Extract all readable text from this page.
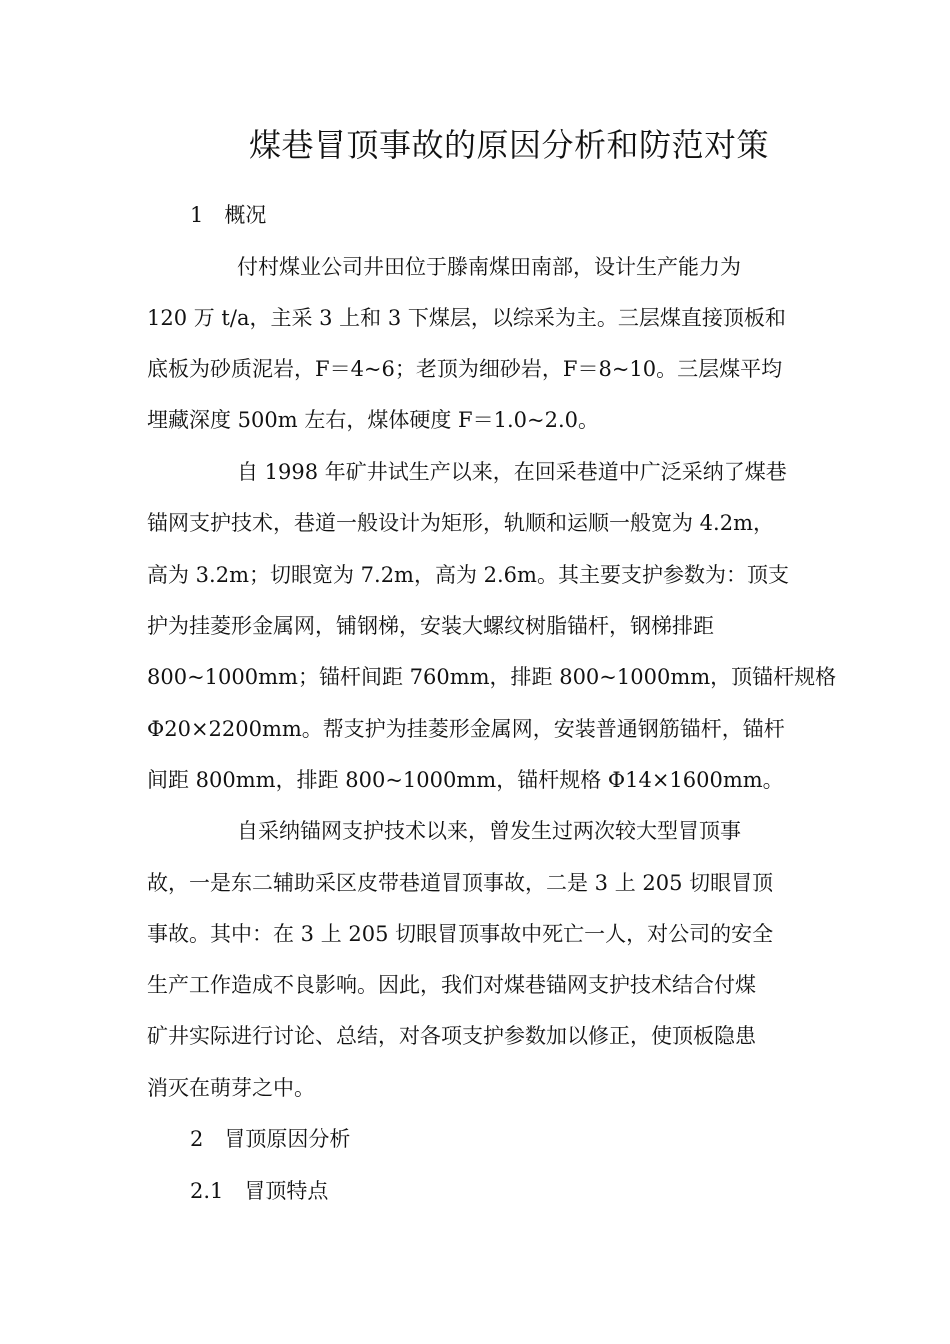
煤巷冒顶事故的原因分析和防范对策
1　概况
付村煤业公司井田位于滕南煤田南部，设计生产能力为
120 万 t/a，主采 3 上和 3 下煤层，以综采为主。三层煤直接顶板和
底板为砂质泥岩，F＝4~6；老顶为细砂岩，F＝8~10。三层煤平均
埋藏深度 500m 左右，煤体硬度 F＝1.0~2.0。
自 1998 年矿井试生产以来，在回采巷道中广泛采纳了煤巷
锚网支护技术，巷道一般设计为矩形，轨顺和运顺一般宽为 4.2m，
高为 3.2m；切眼宽为 7.2m，高为 2.6m。其主要支护参数为：顶支
护为挂菱形金属网，铺钢梯，安装大螺纹树脂锚杆，钢梯排距
800~1000mm；锚杆间距 760mm，排距 800~1000mm，顶锚杆规格
Φ20×2200mm。帮支护为挂菱形金属网，安装普通钢筋锚杆，锚杆
间距 800mm，排距 800~1000mm，锚杆规格 Φ14×1600mm。
自采纳锚网支护技术以来，曾发生过两次较大型冒顶事
故，一是东二辅助采区皮带巷道冒顶事故，二是 3 上 205 切眼冒顶
事故。其中：在 3 上 205 切眼冒顶事故中死亡一人，对公司的安全
生产工作造成不良影响。因此，我们对煤巷锚网支护技术结合付煤
矿井实际进行讨论、总结，对各项支护参数加以修正，使顶板隐患
消灭在萌芽之中。
2　冒顶原因分析
2.1　冒顶特点
